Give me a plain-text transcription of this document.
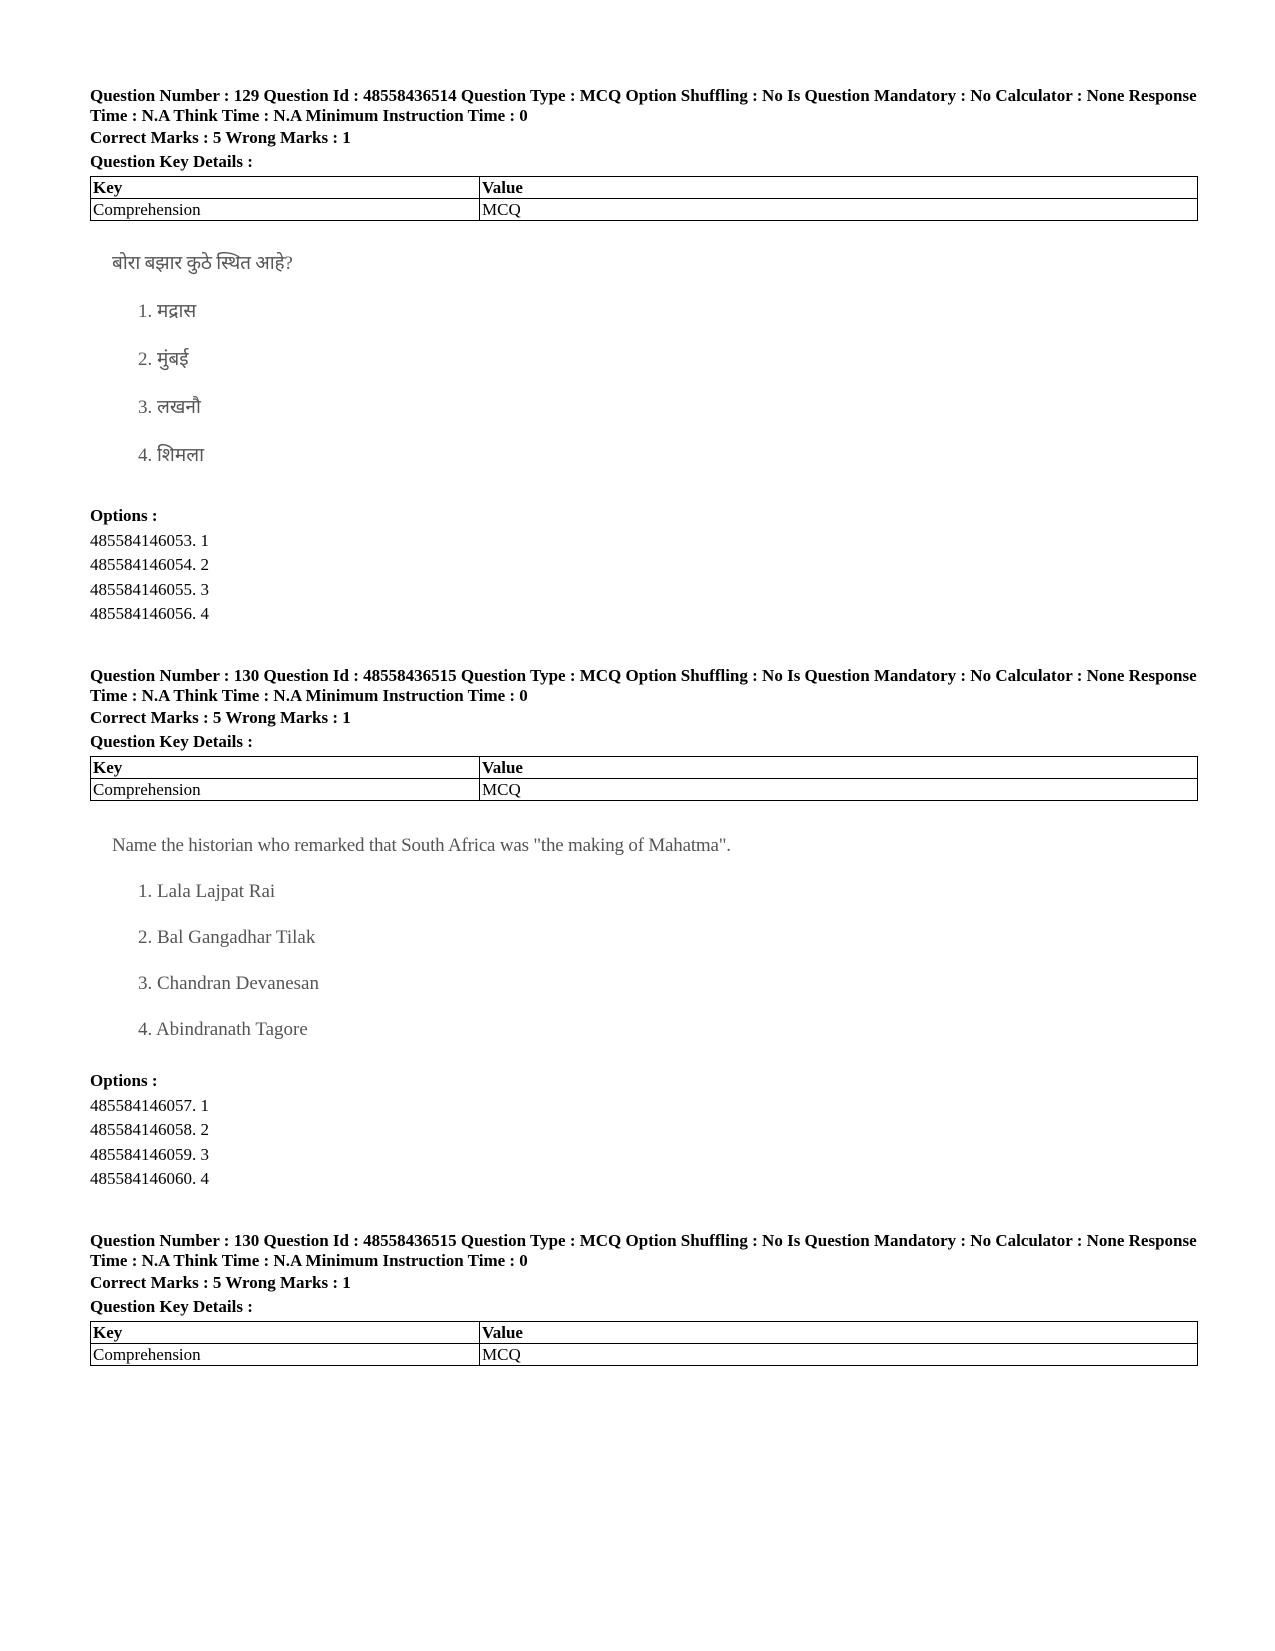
Question Number : 129 Question Id : 48558436514 Question Type : MCQ Option Shuffling : No Is Question Mandatory : No Calculator : None Response Time : N.A Think Time : N.A Minimum Instruction Time : 0

Correct Marks : 5 Wrong Marks : 1

Question Key Details :

Key	Value
Comprehension	MCQ

बोरा बझार कुठे स्थित आहे?

1. मद्रास

2. मुंबई

3. लखनौ

4. शिमला

Options :
485584146053. 1
485584146054. 2
485584146055. 3
485584146056. 4

Question Number : 130 Question Id : 48558436515 Question Type : MCQ Option Shuffling : No Is Question Mandatory : No Calculator : None Response Time : N.A Think Time : N.A Minimum Instruction Time : 0

Correct Marks : 5 Wrong Marks : 1

Question Key Details :

Key	Value
Comprehension	MCQ

Name the historian who remarked that South Africa was "the making of Mahatma".

1. Lala Lajpat Rai

2. Bal Gangadhar Tilak

3. Chandran Devanesan

4. Abindranath Tagore

Options :
485584146057. 1
485584146058. 2
485584146059. 3
485584146060. 4

Question Number : 130 Question Id : 48558436515 Question Type : MCQ Option Shuffling : No Is Question Mandatory : No Calculator : None Response Time : N.A Think Time : N.A Minimum Instruction Time : 0

Correct Marks : 5 Wrong Marks : 1

Question Key Details :

Key	Value
Comprehension	MCQ
